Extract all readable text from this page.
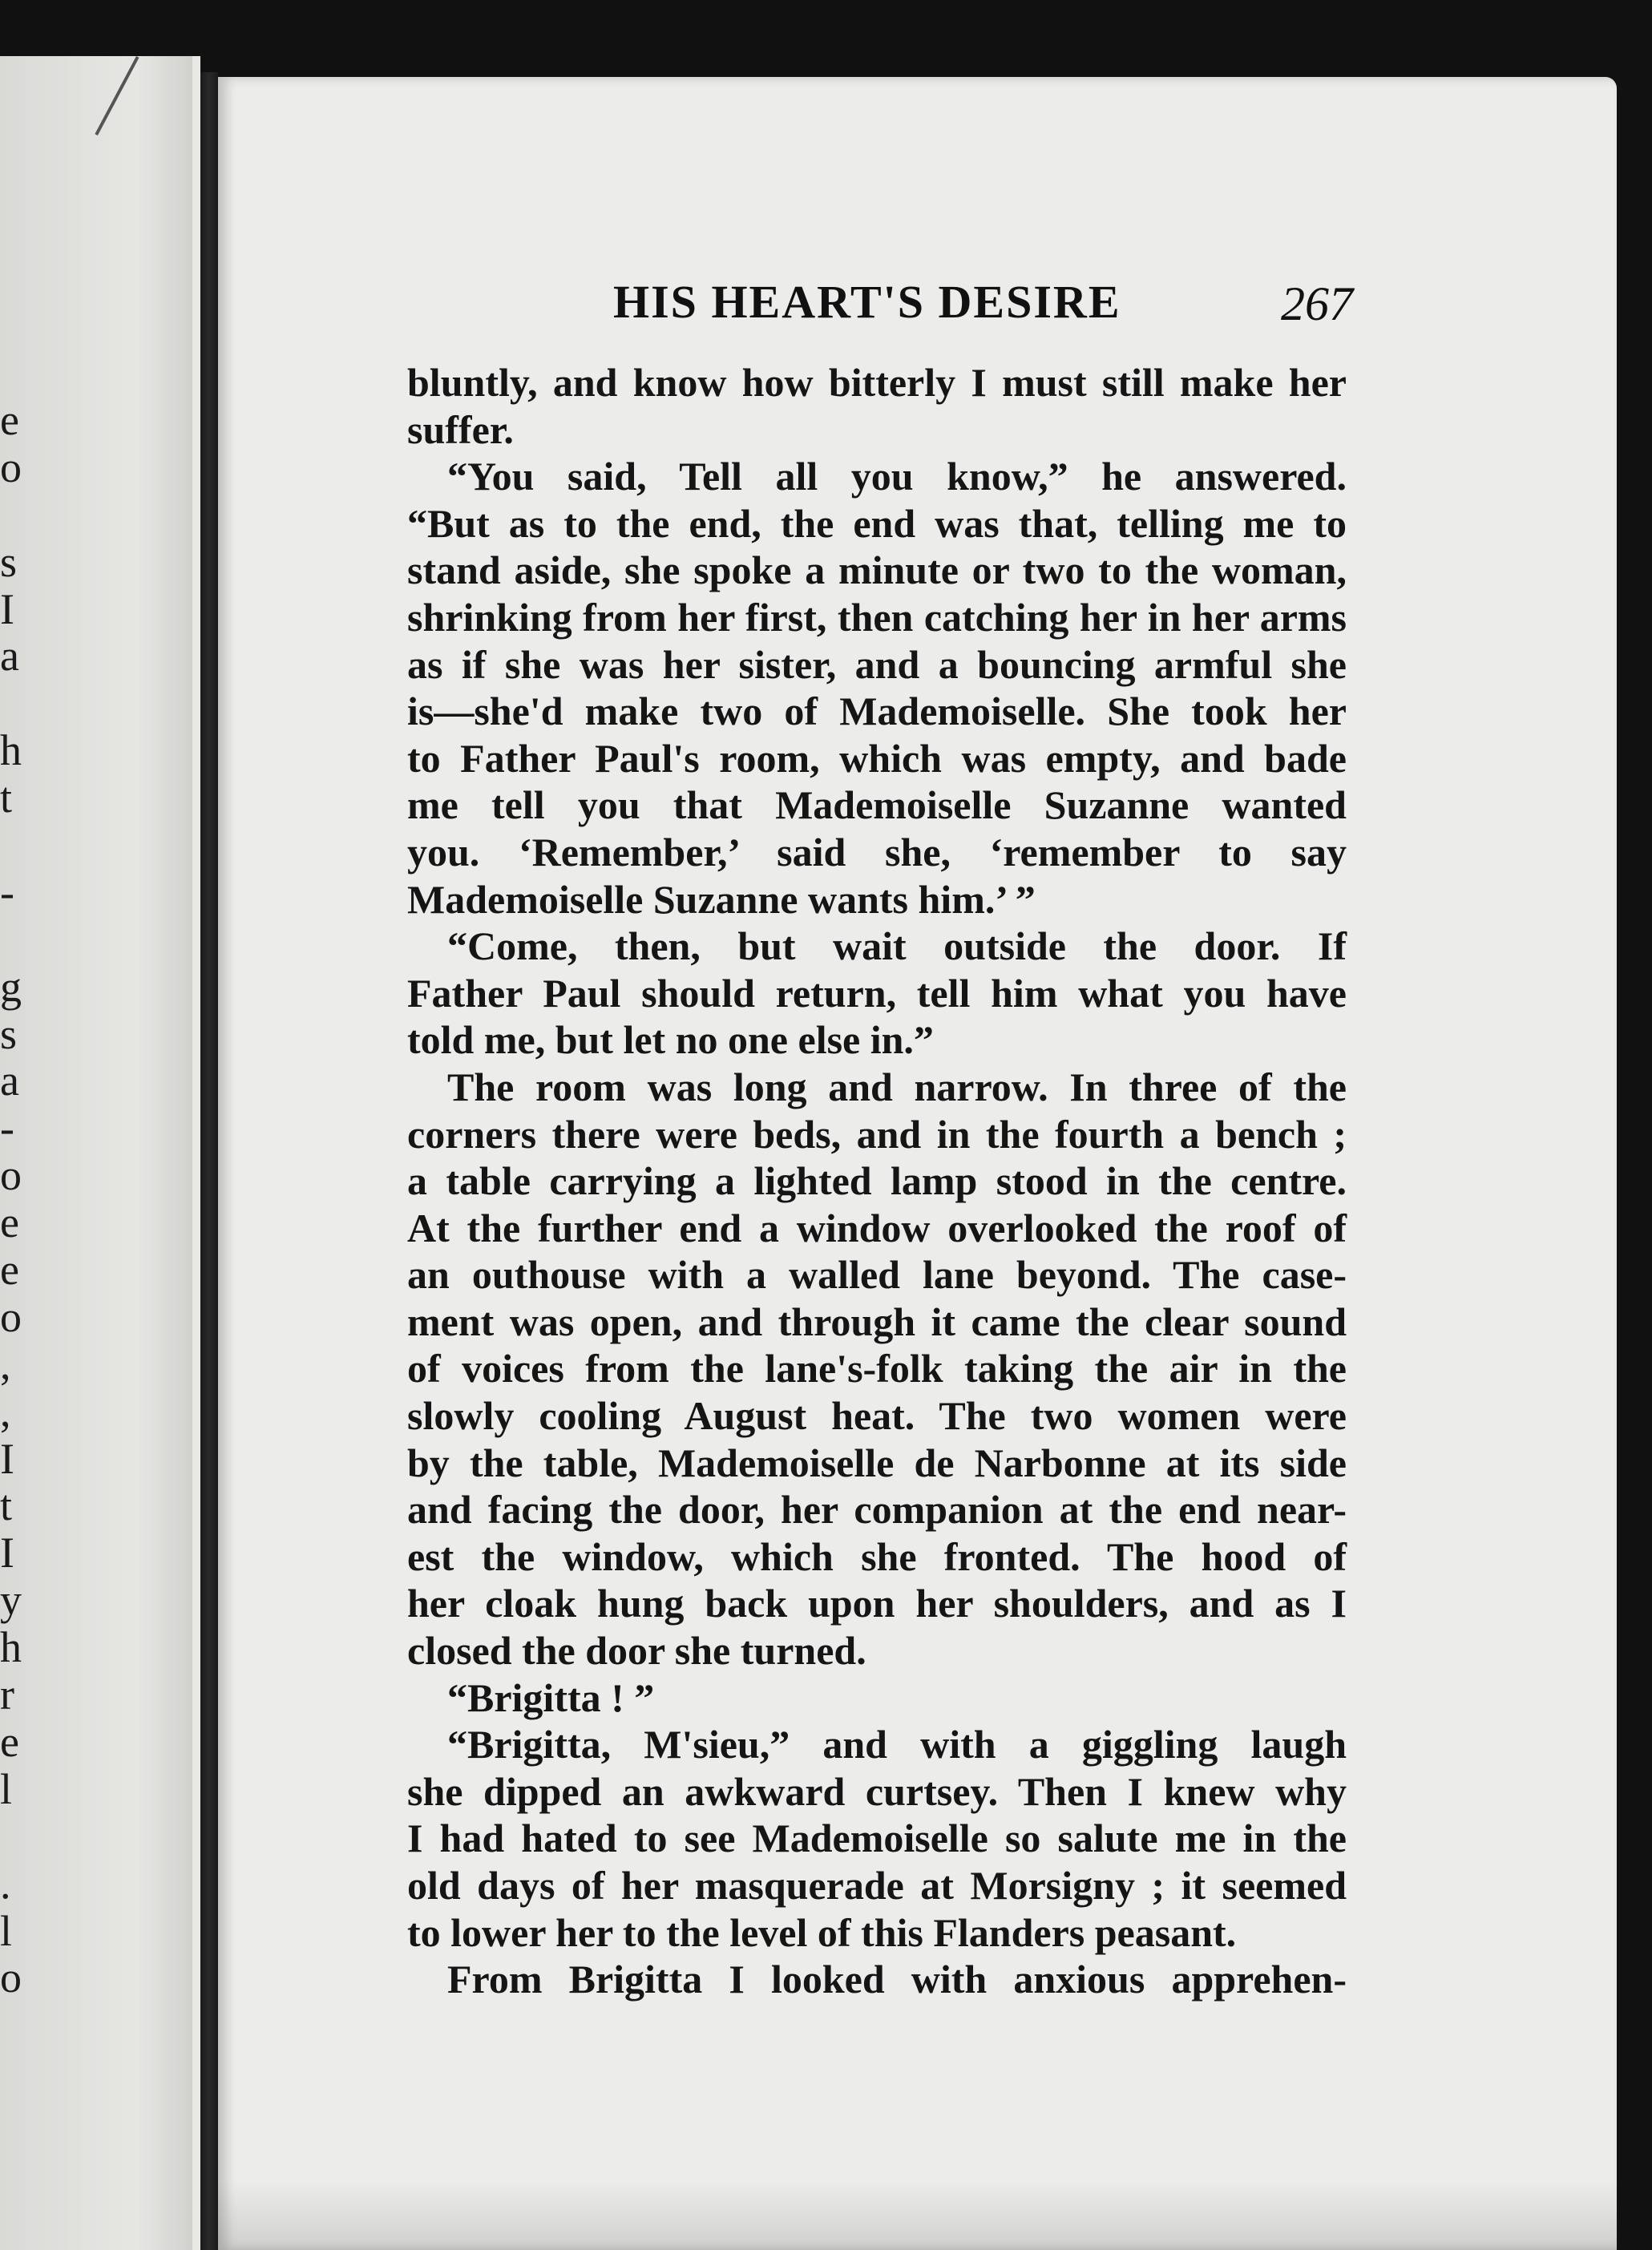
e
o
s
I
a
h
t
-
g
s
a
-
o
e
e
o
,
,
I
t
I
y
h
r
e
l
.
l
o
HIS HEART'S DESIRE	267
bluntly, and know how bitterly I must still make her
suffer.
“You said, Tell all you know,” he answered.
“But as to the end, the end was that, telling me to
stand aside, she spoke a minute or two to the woman,
shrinking from her first, then catching her in her arms
as if she was her sister, and a bouncing armful she
is—she'd make two of Mademoiselle. She took her
to Father Paul's room, which was empty, and bade
me tell you that Mademoiselle Suzanne wanted
you. ‘Remember,’ said she, ‘remember to say
Mademoiselle Suzanne wants him.’ ”
“Come, then, but wait outside the door. If
Father Paul should return, tell him what you have
told me, but let no one else in.”
The room was long and narrow. In three of the
corners there were beds, and in the fourth a bench ;
a table carrying a lighted lamp stood in the centre.
At the further end a window overlooked the roof of
an outhouse with a walled lane beyond. The case-
ment was open, and through it came the clear sound
of voices from the lane's-folk taking the air in the
slowly cooling August heat. The two women were
by the table, Mademoiselle de Narbonne at its side
and facing the door, her companion at the end near-
est the window, which she fronted. The hood of
her cloak hung back upon her shoulders, and as I
closed the door she turned.
“Brigitta ! ”
“Brigitta, M'sieu,” and with a giggling laugh
she dipped an awkward curtsey. Then I knew why
I had hated to see Mademoiselle so salute me in the
old days of her masquerade at Morsigny ; it seemed
to lower her to the level of this Flanders peasant.
From Brigitta I looked with anxious apprehen-
